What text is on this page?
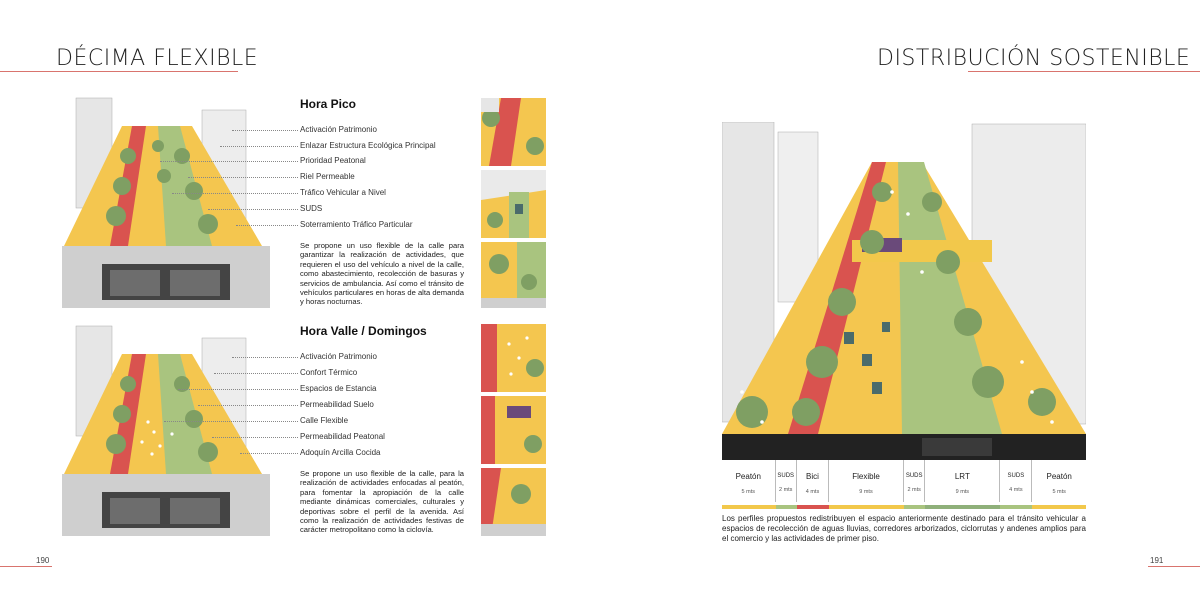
DÉCIMA FLEXIBLE
Hora Pico
Activación Patrimonio
Enlazar Estructura Ecológica Principal
Prioridad Peatonal
Riel Permeable
Tráfico Vehicular a Nivel
SUDS
Soterramiento Tráfico Particular
Se propone un uso flexible de la calle para garantizar la realización de actividades, que requieren el uso del vehículo a nivel de la calle, como abastecimiento, recolección de basuras y servicios de ambulancia. Así como el tránsito de vehículos particulares en horas de alta demanda y horas nocturnas.
Hora Valle / Domingos
Activación Patrimonio
Confort Térmico
Espacios de Estancia
Permeabilidad Suelo
Calle Flexible
Permeabilidad Peatonal
Adoquín Arcilla Cocida
Se propone un uso flexible de la calle, para la realización de actividades enfocadas al peatón, para fomentar la apropiación de la calle mediante dinámicas comerciales, culturales y deportivas sobre el perfil de la avenida. Así como la realización de actividades festivas de carácter metropolitano como la ciclovía.
190
DISTRIBUCIÓN SOSTENIBLE
Peatón
5 mts
SUDS
2 mts
Bici
4 mts
Flexible
9 mts
SUDS
2 mts
LRT
9 mts
SUDS
4 mts
Peatón
5 mts
Los perfiles propuestos redistribuyen el espacio anteriormente destinado para el tránsito vehicular a espacios de recolección de aguas lluvias, corredores arborizados, ciclorrutas y andenes amplios para el comercio y las actividades de primer piso.
191
